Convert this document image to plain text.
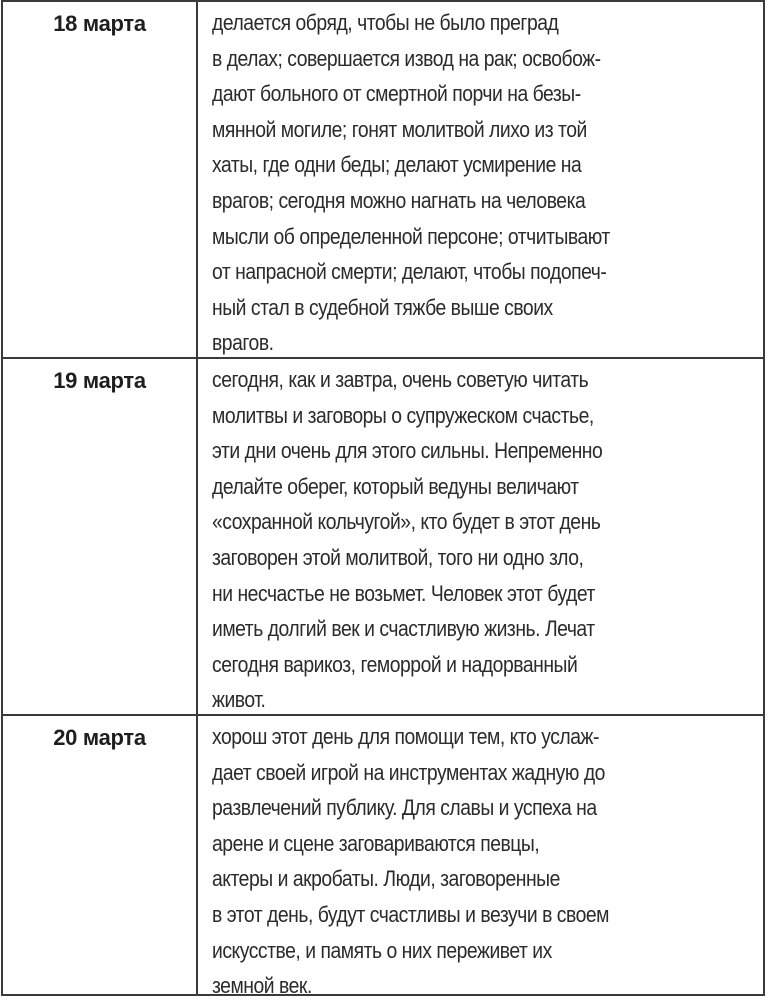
18 марта	делается обряд, чтобы не было преград
в делах; совершается извод на рак; освобож-
дают больного от смертной порчи на безы-
мянной могиле; гонят молитвой лихо из той
хаты, где одни беды; делают усмирение на
врагов; сегодня можно нагнать на человека
мысли об определенной персоне; отчитывают
от напрасной смерти; делают, чтобы подопеч-
ный стал в судебной тяжбе выше своих
врагов.
19 марта	сегодня, как и завтра, очень советую читать
молитвы и заговоры о супружеском счастье,
эти дни очень для этого сильны. Непременно
делайте оберег, который ведуны величают
«сохранной кольчугой», кто будет в этот день
заговорен этой молитвой, того ни одно зло,
ни несчастье не возьмет. Человек этот будет
иметь долгий век и счастливую жизнь. Лечат
сегодня варикоз, геморрой и надорванный
живот.
20 марта	хорош этот день для помощи тем, кто услаж-
дает своей игрой на инструментах жадную до
развлечений публику. Для славы и успеха на
арене и сцене заговариваются певцы,
актеры и акробаты. Люди, заговоренные
в этот день, будут счастливы и везучи в своем
искусстве, и память о них переживет их
земной век.
